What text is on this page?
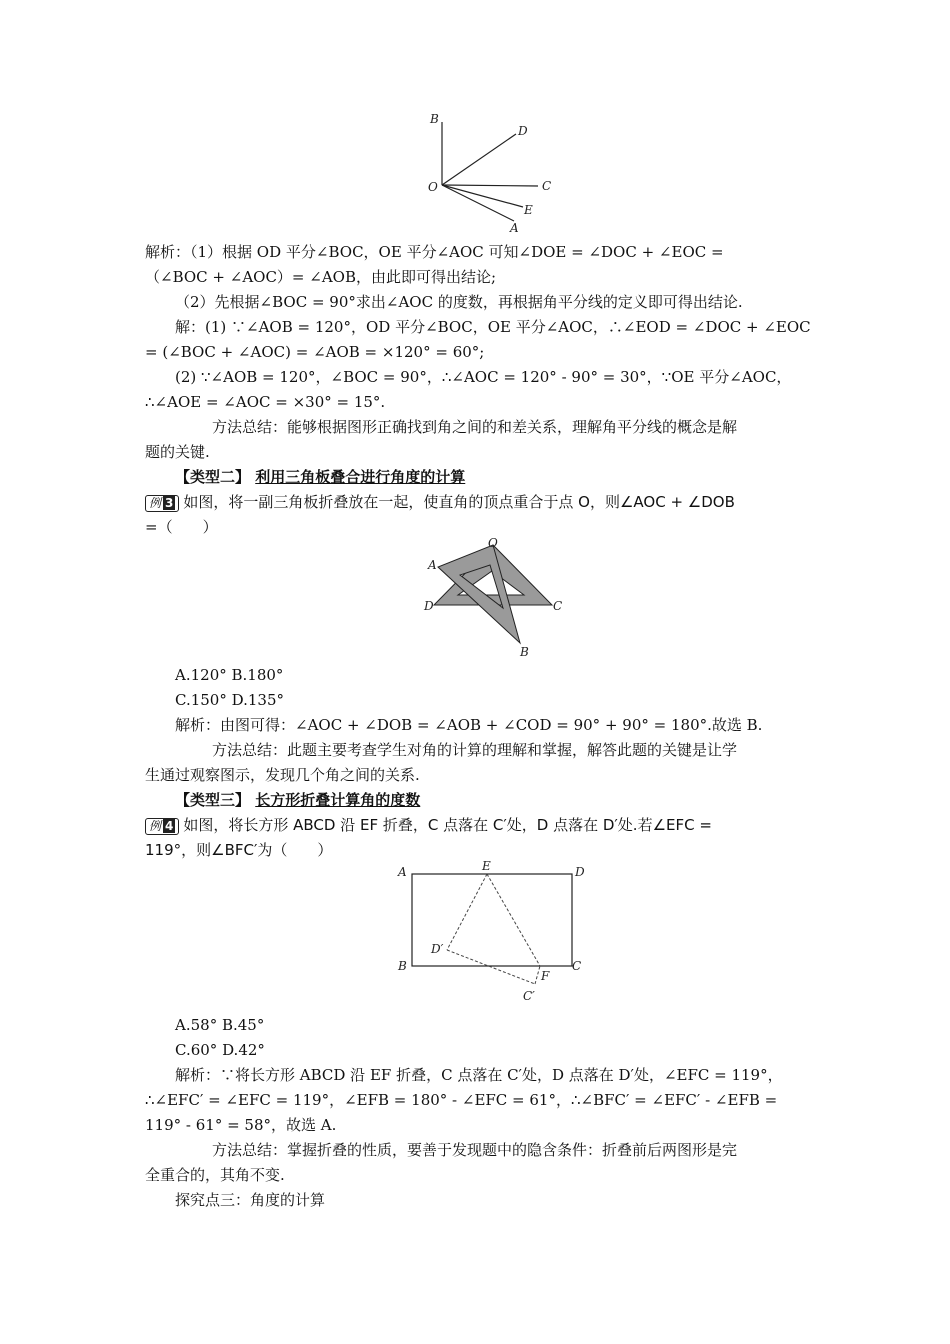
B
D
O	C
E
A
解析：（1）根据 OD 平分∠BOC，OE 平分∠AOC 可知∠DOE = ∠DOC + ∠EOC =
（∠BOC + ∠AOC）= ∠AOB，由此即可得出结论;
（2）先根据∠BOC = 90°求出∠AOC 的度数，再根据角平分线的定义即可得出结论.
解：(1) ∵∠AOB = 120°，OD 平分∠BOC，OE 平分∠AOC，∴∠EOD = ∠DOC + ∠EOC
= (∠BOC + ∠AOC) = ∠AOB = ×120° = 60°;
(2) ∵∠AOB = 120°，∠BOC = 90°，∴∠AOC = 120° - 90° = 30°，∵OE 平分∠AOC，
∴∠AOE = ∠AOC = ×30° = 15°.
方法总结：能够根据图形正确找到角之间的和差关系，理解角平分线的概念是解
题的关键.
【类型二】 利用三角板叠合进行角度的计算
例 3 如图，将一副三角板折叠放在一起，使直角的顶点重合于点 O，则∠AOC + ∠DOB
=（　　）
O
A
D	C
B
A.120° B.180°
C.150° D.135°
解析：由图可得：∠AOC + ∠DOB = ∠AOB + ∠COD = 90° + 90° = 180°.故选 B.
方法总结：此题主要考查学生对角的计算的理解和掌握，解答此题的关键是让学
生通过观察图示，发现几个角之间的关系.
【类型三】 长方形折叠计算角的度数
例 4 如图，将长方形 ABCD 沿 EF 折叠，C 点落在 C′处，D 点落在 D′处.若∠EFC =
119°，则∠BFC′为（　　）
A	E	D
D′
B
F
C
C′
A.58° B.45°
C.60° D.42°
解析：∵将长方形 ABCD 沿 EF 折叠，C 点落在 C′处，D 点落在 D′处，∠EFC = 119°，
∴∠EFC′ = ∠EFC = 119°，∠EFB = 180° - ∠EFC = 61°，∴∠BFC′ = ∠EFC′ - ∠EFB =
119° - 61° = 58°，故选 A.
方法总结：掌握折叠的性质，要善于发现题中的隐含条件：折叠前后两图形是完
全重合的，其角不变.
探究点三：角度的计算
